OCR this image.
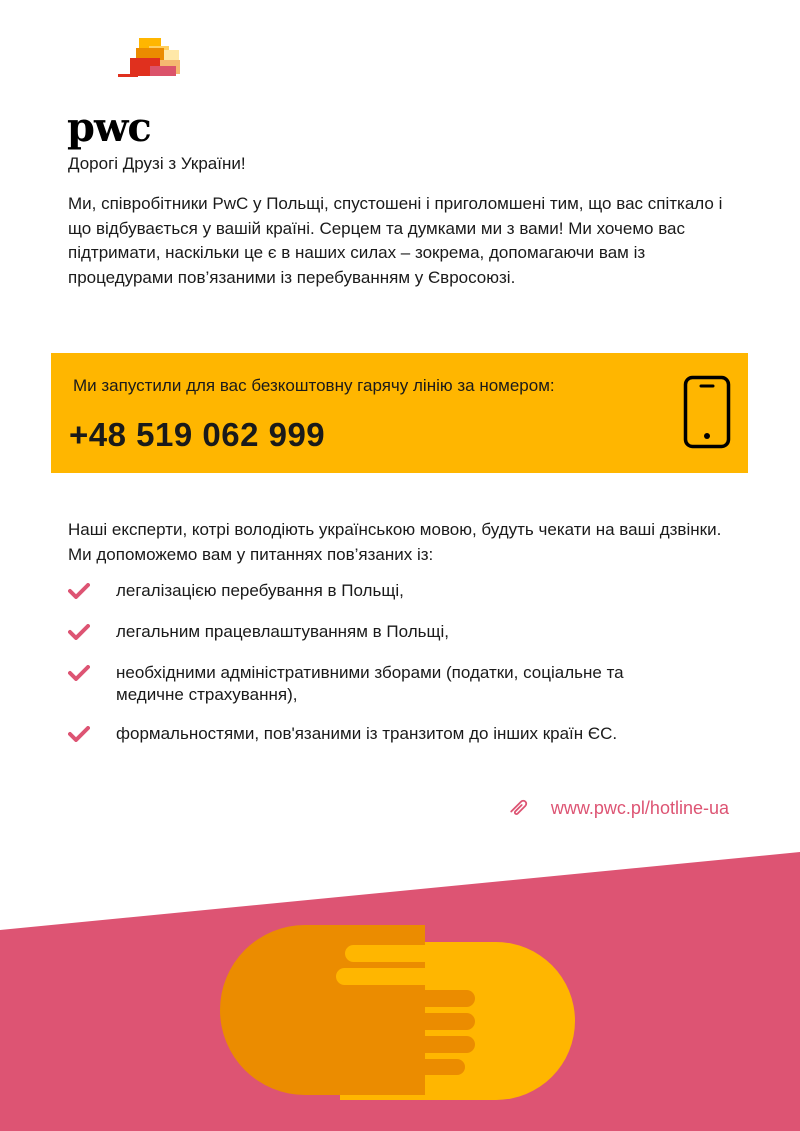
pwc
Дорогі Друзі з України!
Ми, співробітники PwC у Польщі, спустошені і приголомшені тим, що вас спіткало і що відбувається у вашій країні. Серцем та думками ми з вами! Ми хочемо вас підтримати, наскільки це є в наших силах – зокрема, допомагаючи вам із процедурами пов’язаними із перебуванням у Євросоюзі.
Ми запустили для вас безкоштовну гарячу лінію за номером:
+48 519 062 999
Наші експерти, котрі володіють українською мовою, будуть чекати на ваші дзвінки. Ми допоможемо вам у питаннях пов’язаних із:
легалізацією перебування в Польщі,
легальним працевлаштуванням в Польщі,
необхідними адміністративними зборами (податки, соціальне та медичне страхування),
формальностями, пов'язаними із транзитом до інших країн ЄС.
www.pwc.pl/hotline-ua
